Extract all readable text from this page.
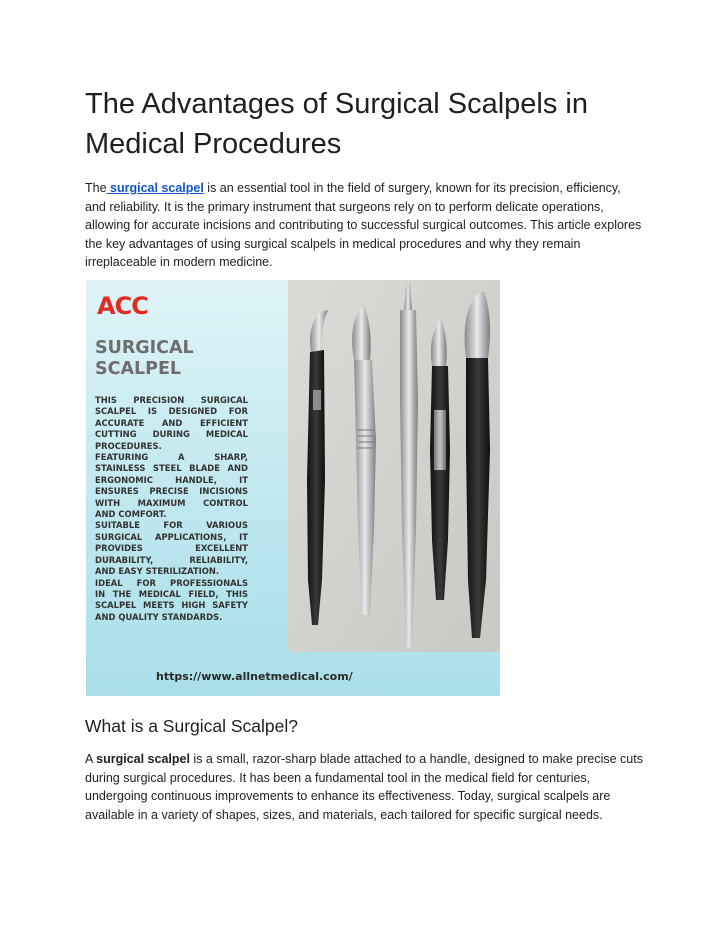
The Advantages of Surgical Scalpels in Medical Procedures

The surgical scalpel is an essential tool in the field of surgery, known for its precision, efficiency, and reliability. It is the primary instrument that surgeons rely on to perform delicate operations, allowing for accurate incisions and contributing to successful surgical outcomes. This article explores the key advantages of using surgical scalpels in medical procedures and why they remain irreplaceable in modern medicine.

ACC
SURGICAL
SCALPEL
THIS PRECISION SURGICAL
SCALPEL IS DESIGNED FOR
ACCURATE AND EFFICIENT
CUTTING DURING MEDICAL
PROCEDURES.
FEATURING A SHARP,
STAINLESS STEEL BLADE AND
ERGONOMIC HANDLE, IT
ENSURES PRECISE INCISIONS
WITH MAXIMUM CONTROL
AND COMFORT.
SUITABLE FOR VARIOUS
SURGICAL APPLICATIONS, IT
PROVIDES EXCELLENT
DURABILITY, RELIABILITY,
AND EASY STERILIZATION.
IDEAL FOR PROFESSIONALS
IN THE MEDICAL FIELD, THIS
SCALPEL MEETS HIGH SAFETY
AND QUALITY STANDARDS.
https://www.allnetmedical.com/
What is a Surgical Scalpel?

A surgical scalpel is a small, razor-sharp blade attached to a handle, designed to make precise cuts during surgical procedures. It has been a fundamental tool in the medical field for centuries, undergoing continuous improvements to enhance its effectiveness. Today, surgical scalpels are available in a variety of shapes, sizes, and materials, each tailored for specific surgical needs.
